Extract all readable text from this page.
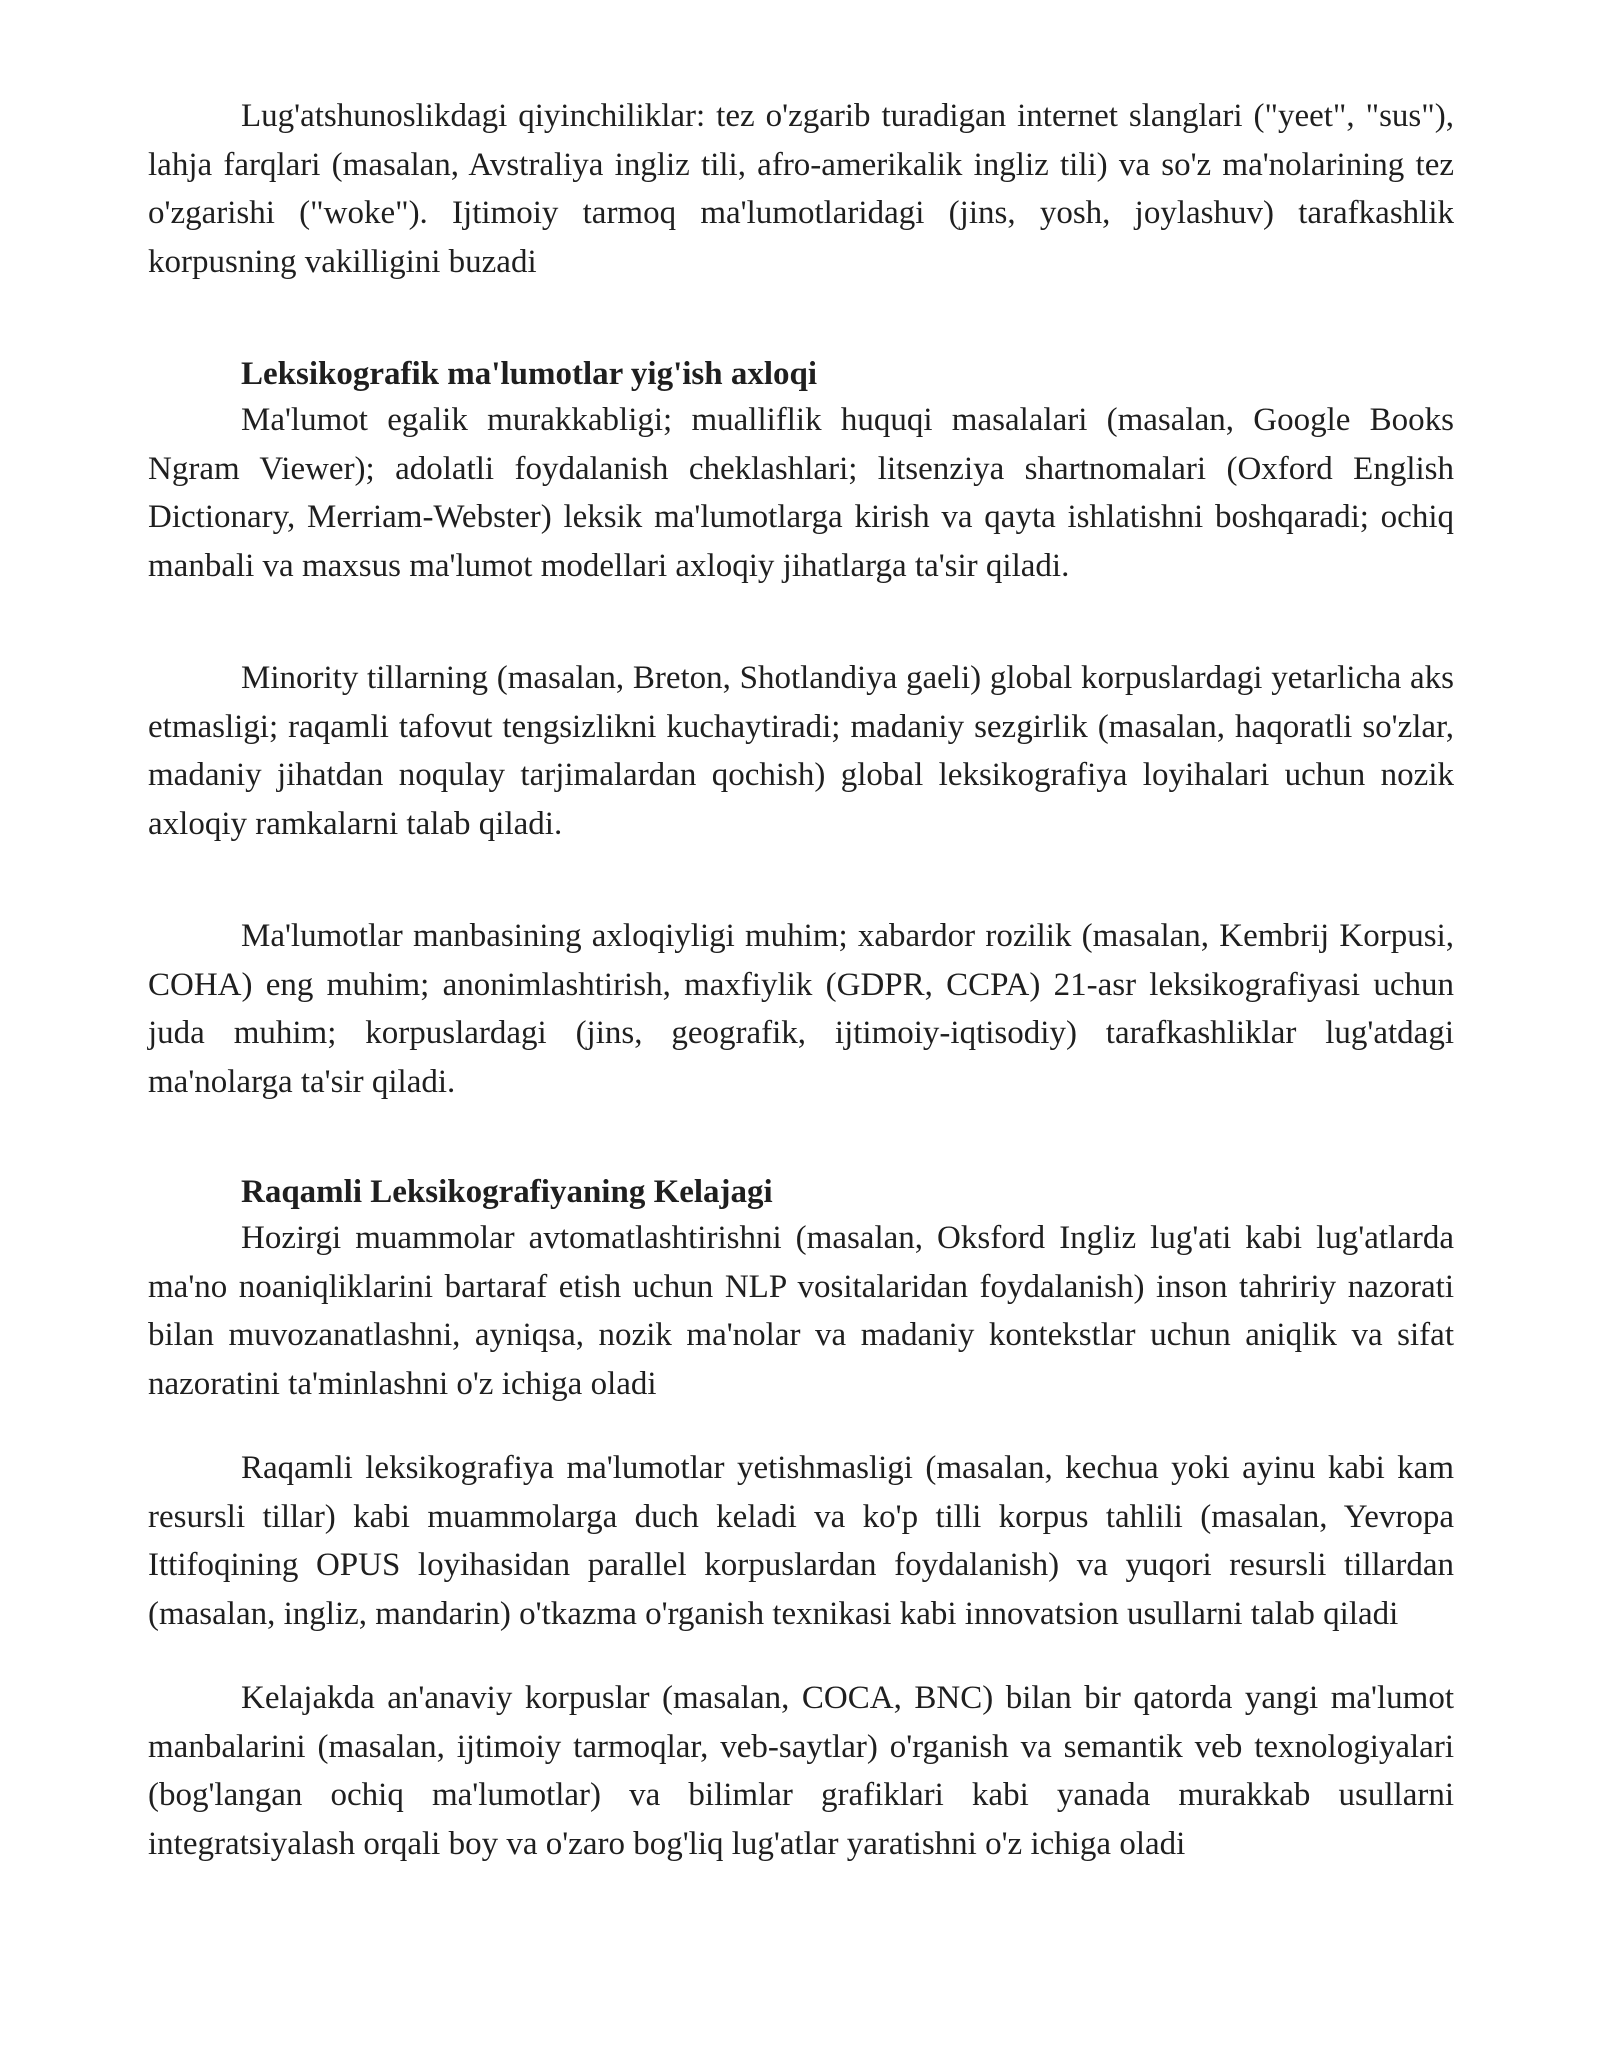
Lug'atshunoslikdagi qiyinchiliklar: tez o'zgarib turadigan internet slanglari ("yeet", "sus"), lahja farqlari (masalan, Avstraliya ingliz tili, afro-amerikalik ingliz tili) va so'z ma'nolarining tez o'zgarishi ("woke"). Ijtimoiy tarmoq ma'lumotlaridagi (jins, yosh, joylashuv) tarafkashlik korpusning vakilligini buzadi

Leksikografik ma'lumotlar yig'ish axloqi

Ma'lumot egalik murakkabligi; mualliflik huquqi masalalari (masalan, Google Books Ngram Viewer); adolatli foydalanish cheklashlari; litsenziya shartnomalari (Oxford English Dictionary, Merriam-Webster) leksik ma'lumotlarga kirish va qayta ishlatishni boshqaradi; ochiq manbali va maxsus ma'lumot modellari axloqiy jihatlarga ta'sir qiladi.

Minority tillarning (masalan, Breton, Shotlandiya gaeli) global korpuslardagi yetarlicha aks etmasligi; raqamli tafovut tengsizlikni kuchaytiradi; madaniy sezgirlik (masalan, haqoratli so'zlar, madaniy jihatdan noqulay tarjimalardan qochish) global leksikografiya loyihalari uchun nozik axloqiy ramkalarni talab qiladi.

Ma'lumotlar manbasining axloqiyligi muhim; xabardor rozilik (masalan, Kembrij Korpusi, COHA) eng muhim; anonimlashtirish, maxfiylik (GDPR, CCPA) 21-asr leksikografiyasi uchun juda muhim; korpuslardagi (jins, geografik, ijtimoiy-iqtisodiy) tarafkashliklar lug'atdagi ma'nolarga ta'sir qiladi.

Raqamli Leksikografiyaning Kelajagi

Hozirgi muammolar avtomatlashtirishni (masalan, Oksford Ingliz lug'ati kabi lug'atlarda ma'no noaniqliklarini bartaraf etish uchun NLP vositalaridan foydalanish) inson tahririy nazorati bilan muvozanatlashni, ayniqsa, nozik ma'nolar va madaniy kontekstlar uchun aniqlik va sifat nazoratini ta'minlashni o'z ichiga oladi

Raqamli leksikografiya ma'lumotlar yetishmasligi (masalan, kechua yoki ayinu kabi kam resursli tillar) kabi muammolarga duch keladi va ko'p tilli korpus tahlili (masalan, Yevropa Ittifoqining OPUS loyihasidan parallel korpuslardan foydalanish) va yuqori resursli tillardan (masalan, ingliz, mandarin) o'tkazma o'rganish texnikasi kabi innovatsion usullarni talab qiladi

Kelajakda an'anaviy korpuslar (masalan, COCA, BNC) bilan bir qatorda yangi ma'lumot manbalarini (masalan, ijtimoiy tarmoqlar, veb-saytlar) o'rganish va semantik veb texnologiyalari (bog'langan ochiq ma'lumotlar) va bilimlar grafiklari kabi yanada murakkab usullarni integratsiyalash orqali boy va o'zaro bog'liq lug'atlar yaratishni o'z ichiga oladi
